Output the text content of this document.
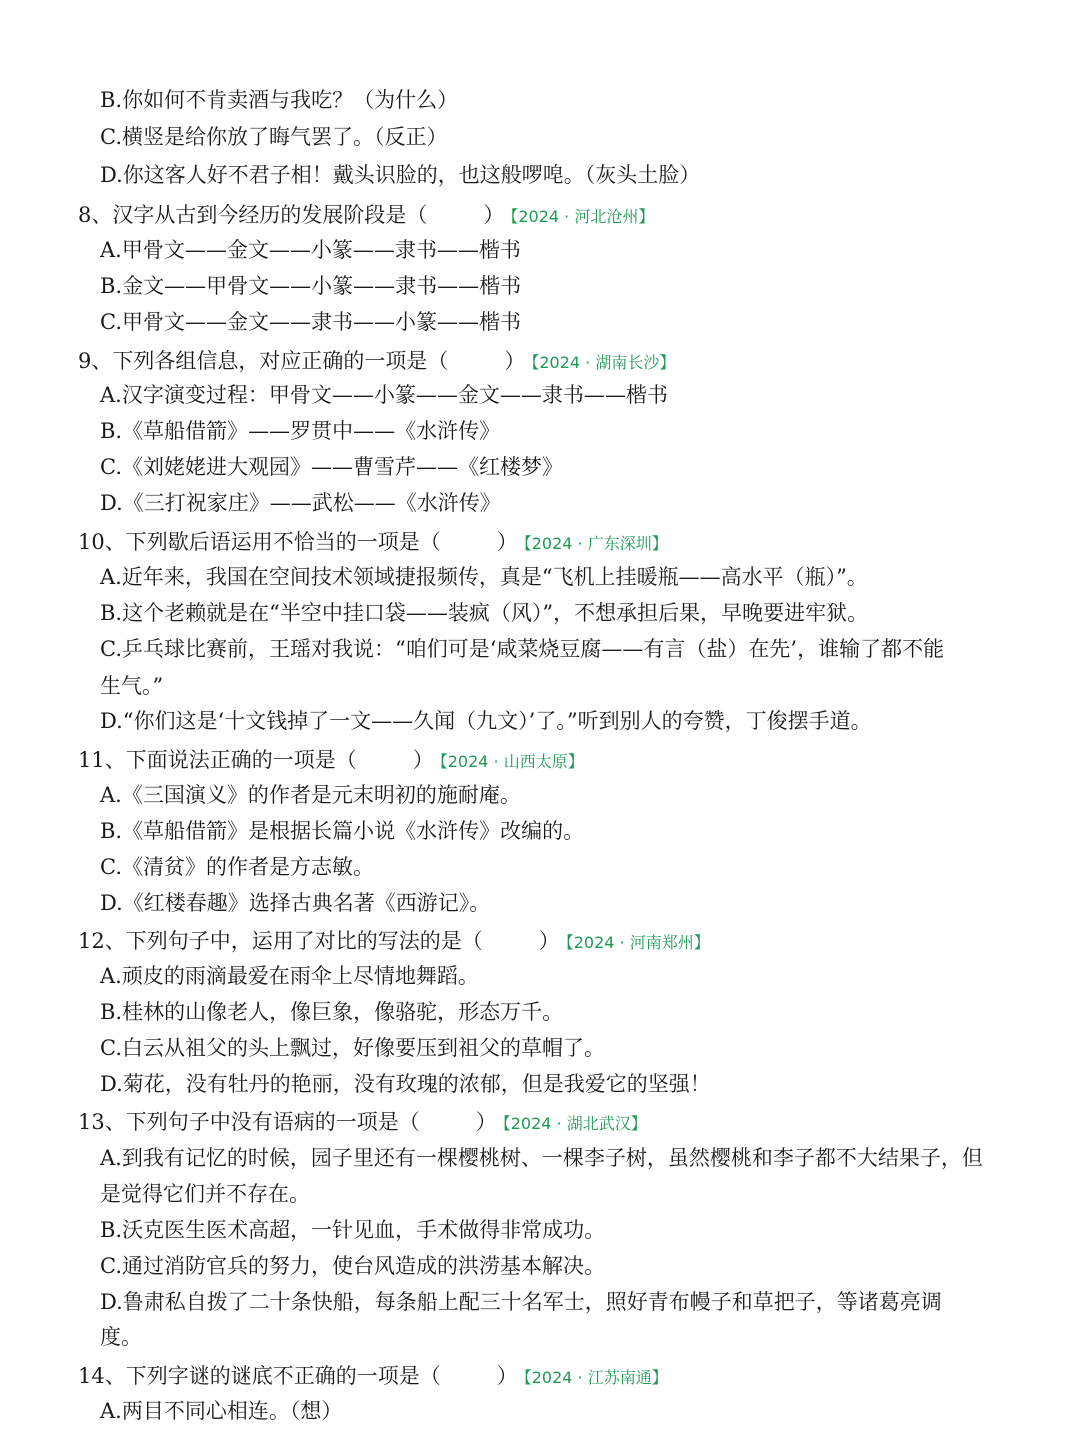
B.你如何不肯卖酒与我吃？（为什么）
C.横竖是给你放了晦气罢了。（反正）
D.你这客人好不君子相！戴头识脸的，也这般啰唣。（灰头土脸）
8、汉字从古到今经历的发展阶段是（	） 【2024 · 河北沧州】
A.甲骨文——金文——小篆——隶书——楷书
B.金文——甲骨文——小篆——隶书——楷书
C.甲骨文——金文——隶书——小篆——楷书
9、下列各组信息，对应正确的一项是（	） 【2024 · 湖南长沙】
A.汉字演变过程：甲骨文——小篆——金文——隶书——楷书
B.《草船借箭》——罗贯中——《水浒传》
C.《刘姥姥进大观园》——曹雪芹——《红楼梦》
D.《三打祝家庄》——武松——《水浒传》
10、下列歇后语运用不恰当的一项是（	） 【2024 · 广东深圳】
A.近年来，我国在空间技术领域捷报频传，真是“飞机上挂暖瓶——高水平（瓶）”。
B.这个老赖就是在“半空中挂口袋——装疯（风）”，不想承担后果，早晚要进牢狱。
C.乒乓球比赛前，王瑶对我说：“咱们可是‘咸菜烧豆腐——有言（盐）在先’，谁输了都不能
生气。”
D.“你们这是‘十文钱掉了一文——久闻（九文）’了。”听到别人的夸赞，丁俊摆手道。
11、下面说法正确的一项是（	） 【2024 · 山西太原】
A.《三国演义》的作者是元末明初的施耐庵。
B.《草船借箭》是根据长篇小说《水浒传》改编的。
C.《清贫》的作者是方志敏。
D.《红楼春趣》选择古典名著《西游记》。
12、下列句子中，运用了对比的写法的是（	） 【2024 · 河南郑州】
A.顽皮的雨滴最爱在雨伞上尽情地舞蹈。
B.桂林的山像老人，像巨象，像骆驼，形态万千。
C.白云从祖父的头上飘过，好像要压到祖父的草帽了。
D.菊花，没有牡丹的艳丽，没有玫瑰的浓郁，但是我爱它的坚强！
13、下列句子中没有语病的一项是（	） 【2024 · 湖北武汉】
A.到我有记忆的时候，园子里还有一棵樱桃树、一棵李子树，虽然樱桃和李子都不大结果子，但
是觉得它们并不存在。
B.沃克医生医术高超，一针见血，手术做得非常成功。
C.通过消防官兵的努力，使台风造成的洪涝基本解决。
D.鲁肃私自拨了二十条快船，每条船上配三十名军士，照好青布幔子和草把子，等诸葛亮调
度。
14、下列字谜的谜底不正确的一项是（	） 【2024 · 江苏南通】
A.两目不同心相连。（想）
